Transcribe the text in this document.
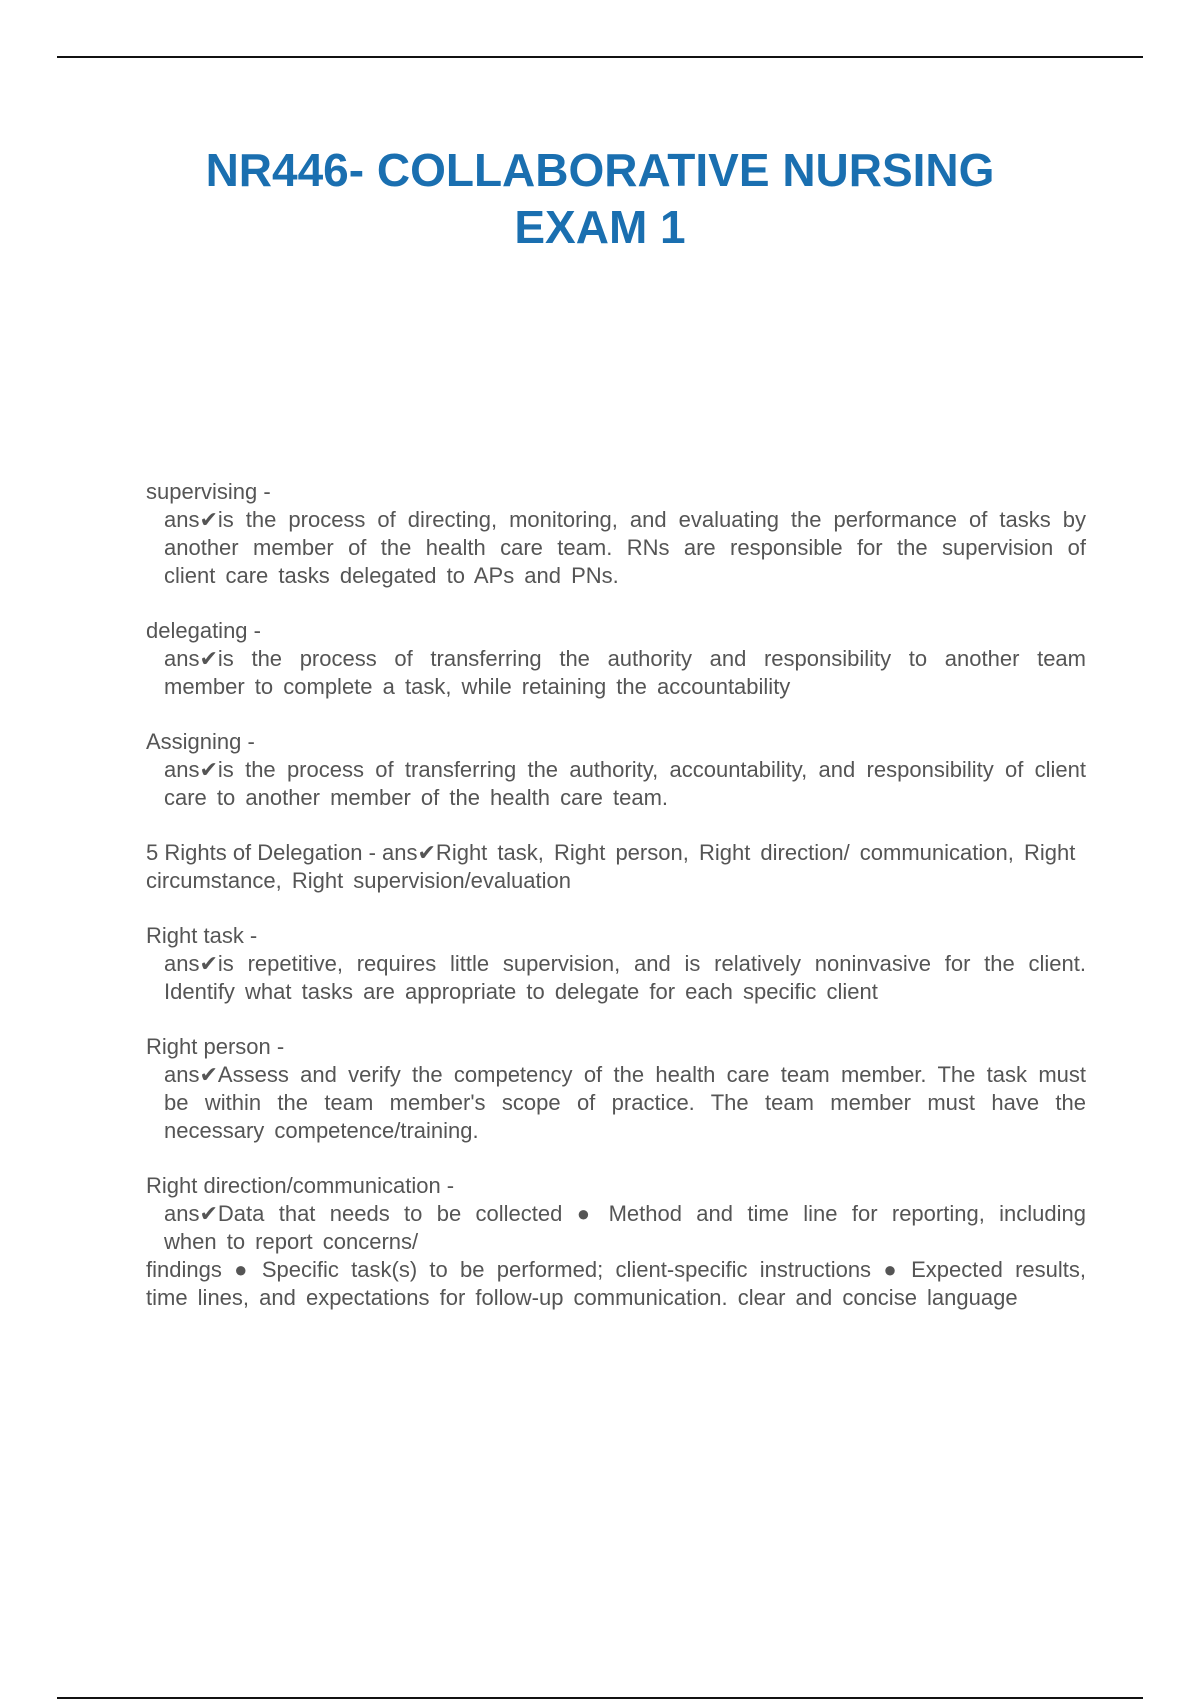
NR446- COLLABORATIVE NURSING
EXAM 1
supervising -
ans✔is the process of directing, monitoring, and evaluating the performance of tasks by another member of the health care team. RNs are responsible for the supervision of client care tasks delegated to APs and PNs.
delegating -
ans✔is the process of transferring the authority and responsibility to another team member to complete a task, while retaining the accountability
Assigning -
ans✔is the process of transferring the authority, accountability, and responsibility of client care to another member of the health care team.
5 Rights of Delegation - ans✔Right task, Right person, Right direction/ communication, Right circumstance, Right supervision/evaluation
Right task -
ans✔is repetitive, requires little supervision, and is relatively noninvasive for the client. Identify what tasks are appropriate to delegate for each specific client
Right person -
ans✔Assess and verify the competency of the health care team member. The task must be within the team member's scope of practice. The team member must have the necessary competence/training.
Right direction/communication -
ans✔Data that needs to be collected ● Method and time line for reporting, including when to report concerns/
findings ● Specific task(s) to be performed; client-specific instructions ● Expected results, time lines, and expectations for follow-up communication. clear and concise language
